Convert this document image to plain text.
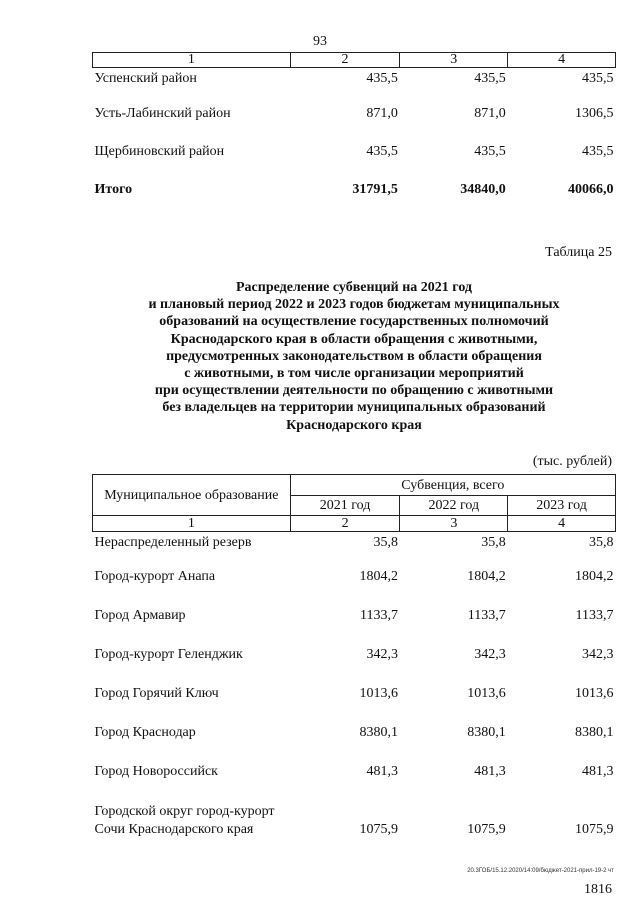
93
1	2	3	4
Успенский район	435,5	435,5	435,5
Усть-Лабинский район	871,0	871,0	1306,5
Щербиновский район	435,5	435,5	435,5
Итого	31791,5	34840,0	40066,0
Таблица 25
Распределение субвенций на 2021 год
и плановый период 2022 и 2023 годов бюджетам муниципальных
образований на осуществление государственных полномочий
Краснодарского края в области обращения с животными,
предусмотренных законодательством в области обращения
с животными, в том числе организации мероприятий
при осуществлении деятельности по обращению с животными
без владельцев на территории муниципальных образований
Краснодарского края
(тыс. рублей)
Муниципальное образование	Субвенция, всего		
	2021 год	2022 год	2023 год
1	2	3	4
Нераспределенный резерв	35,8	35,8	35,8
Город-курорт Анапа	1804,2	1804,2	1804,2
Город Армавир	1133,7	1133,7	1133,7
Город-курорт Геленджик	342,3	342,3	342,3
Город Горячий Ключ	1013,6	1013,6	1013,6
Город Краснодар	8380,1	8380,1	8380,1
Город Новороссийск	481,3	481,3	481,3

Городской округ город-курорт
Сочи Краснодарского края	1075,9	1075,9	1075,9
20.3ГОБ/15.12.2020/14:09/бюджет-2021-прил-19-2 чт
1816
